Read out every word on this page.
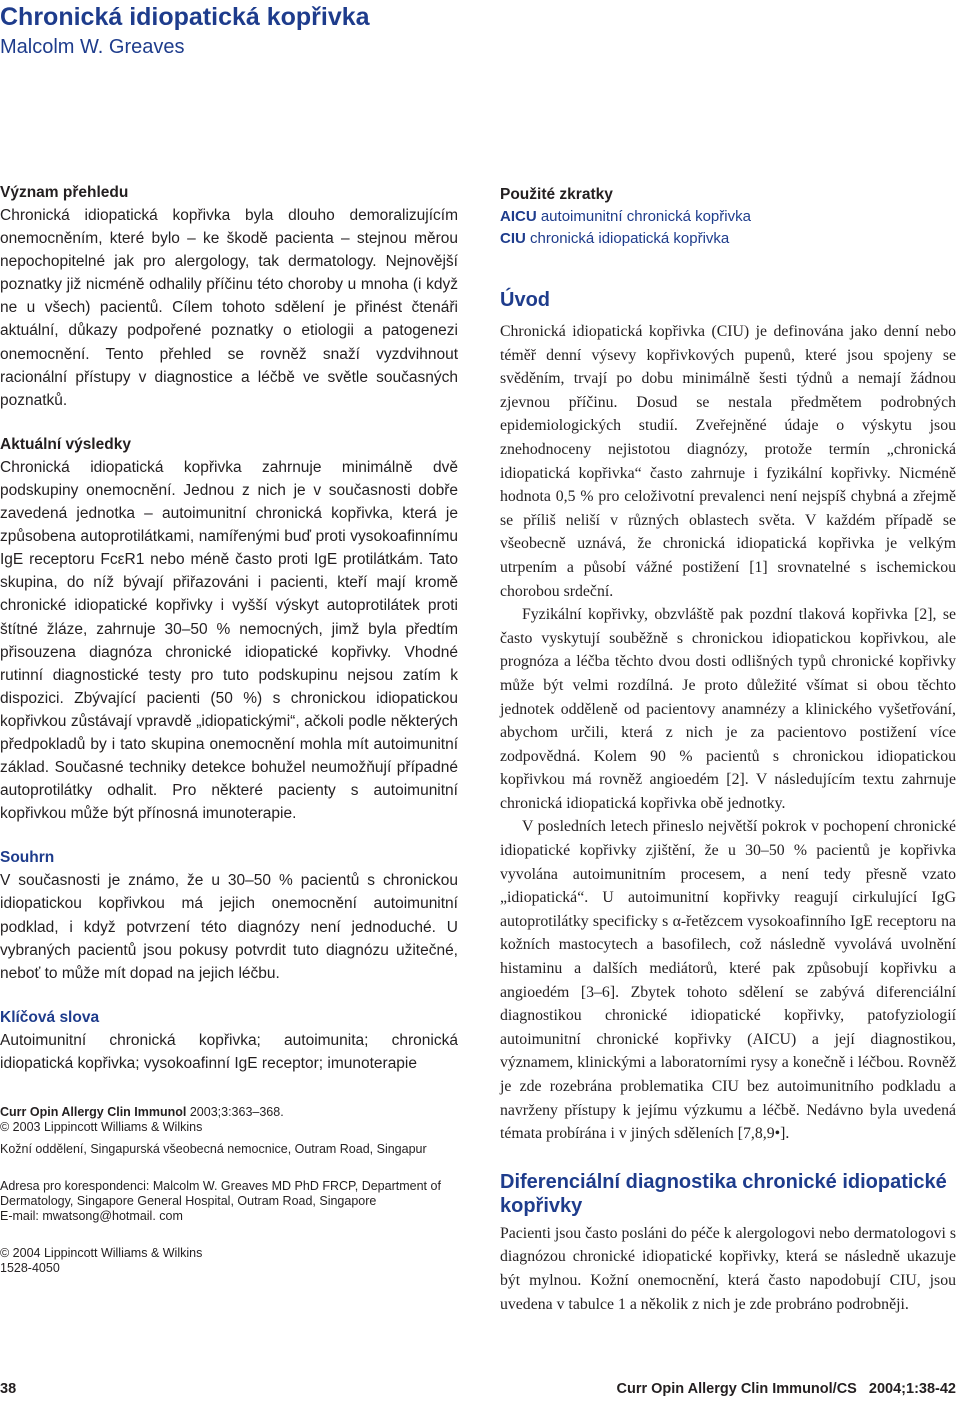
Chronická idiopatická kopřivka
Malcolm W. Greaves
Význam přehledu

Chronická idiopatická kopřivka byla dlouho demoralizujícím onemocněním, které bylo – ke škodě pacienta – stejnou měrou nepochopitelné jak pro alergology, tak dermatology. Nejnovější poznatky již nicméně odhalily příčinu této choroby u mnoha (i když ne u všech) pacientů. Cílem tohoto sdělení je přinést čtenáři aktuální, důkazy podpořené poznatky o etiologii a patogenezi onemocnění. Tento přehled se rovněž snaží vyzdvihnout racionální přístupy v diagnostice a léčbě ve světle současných poznatků.

Aktuální výsledky

Chronická idiopatická kopřivka zahrnuje minimálně dvě podskupiny onemocnění. Jednou z nich je v současnosti dobře zavedená jednotka – autoimunitní chronická kopřivka, která je způsobena autoprotilátkami, namířenými buď proti vysokoafinnímu IgE receptoru FcεR1 nebo méně často proti IgE protilátkám. Tato skupina, do níž bývají přiřazováni i pacienti, kteří mají kromě chronické idiopatické kopřivky i vyšší výskyt autoprotilátek proti štítné žláze, zahrnuje 30–50 % nemocných, jimž byla předtím přisouzena diagnóza chronické idiopatické kopřivky. Vhodné rutinní diagnostické testy pro tuto podskupinu nejsou zatím k dispozici. Zbývající pacienti (50 %) s chronickou idiopatickou kopřivkou zůstávají vpravdě „idiopatickými“, ačkoli podle některých předpokladů by i tato skupina onemocnění mohla mít autoimunitní základ. Současné techniky detekce bohužel neumožňují případné autoprotilátky odhalit. Pro některé pacienty s autoimunitní kopřivkou může být přínosná imunoterapie.

Souhrn

V současnosti je známo, že u 30–50 % pacientů s chronickou idiopatickou kopřivkou má jejich onemocnění autoimunitní podklad, i když potvrzení této diagnózy není jednoduché. U vybraných pacientů jsou pokusy potvrdit tuto diagnózu užitečné, neboť to může mít dopad na jejich léčbu.

Klíčová slova

Autoimunitní chronická kopřivka; autoimunita; chronická idiopatická kopřivka; vysokoafinní IgE receptor; imunoterapie

Curr Opin Allergy Clin Immunol 2003;3:363–368.
© 2003 Lippincott Williams & Wilkins
Kožní oddělení, Singapurská všeobecná nemocnice, Outram Road, Singapur
Adresa pro korespondenci: Malcolm W. Greaves MD PhD FRCP, Department of Dermatology, Singapore General Hospital, Outram Road, Singapore
E-mail: mwatsong@hotmail. com
© 2004 Lippincott Williams & Wilkins
1528-4050
Použité zkratky
AICU autoimunitní chronická kopřivka
CIU chronická idiopatická kopřivka
Úvod

Chronická idiopatická kopřivka (CIU) je definována jako denní nebo téměř denní výsevy kopřivkových pupenů, které jsou spojeny se svěděním, trvají po dobu minimálně šesti týdnů a nemají žádnou zjevnou příčinu. Dosud se nestala předmětem podrobných epidemiologických studií. Zveřejněné údaje o výskytu jsou znehodnoceny nejistotou diagnózy, protože termín „chronická idiopatická kopřivka“ často zahrnuje i fyzikální kopřivky. Nicméně hodnota 0,5 % pro celoživotní prevalenci není nejspíš chybná a zřejmě se příliš neliší v různých oblastech světa. V každém případě se všeobecně uznává, že chronická idiopatická kopřivka je velkým utrpením a působí vážné postižení [1] srovnatelné s ischemickou chorobou srdeční.

Fyzikální kopřivky, obzvláště pak pozdní tlaková kopřivka [2], se často vyskytují souběžně s chronickou idiopatickou kopřivkou, ale prognóza a léčba těchto dvou dosti odlišných typů chronické kopřivky může být velmi rozdílná. Je proto důležité všímat si obou těchto jednotek odděleně od pacientovy anamnézy a klinického vyšetřování, abychom určili, která z nich je za pacientovo postižení více zodpovědná. Kolem 90 % pacientů s chronickou idiopatickou kopřivkou má rovněž angioedém [2]. V následujícím textu zahrnuje chronická idiopatická kopřivka obě jednotky.

V posledních letech přineslo největší pokrok v pochopení chronické idiopatické kopřivky zjištění, že u 30–50 % pacientů je kopřivka vyvolána autoimunitním procesem, a není tedy přesně vzato „idiopatická“. U autoimunitní kopřivky reagují cirkulující IgG autoprotilátky specificky s α-řetězcem vysokoafinního IgE receptoru na kožních mastocytech a basofilech, což následně vyvolává uvolnění histaminu a dalších mediátorů, které pak způsobují kopřivku a angioedém [3–6]. Zbytek tohoto sdělení se zabývá diferenciální diagnostikou chronické idiopatické kopřivky, patofyziologií autoimunitní chronické kopřivky (AICU) a její diagnostikou, významem, klinickými a laboratorními rysy a konečně i léčbou. Rovněž je zde rozebrána problematika CIU bez autoimunitního podkladu a navrženy přístupy k jejímu výzkumu a léčbě. Nedávno byla uvedená témata probírána i v jiných sděleních [7,8,9•].

Diferenciální diagnostika chronické idiopatické kopřivky

Pacienti jsou často posláni do péče k alergologovi nebo dermatologovi s diagnózou chronické idiopatické kopřivky, která se následně ukazuje být mylnou. Kožní onemocnění, která často napodobují CIU, jsou uvedena v tabulce 1 a několik z nich je zde probráno podrobněji.

38	Curr Opin Allergy Clin Immunol/CS   2004;1:38-42
